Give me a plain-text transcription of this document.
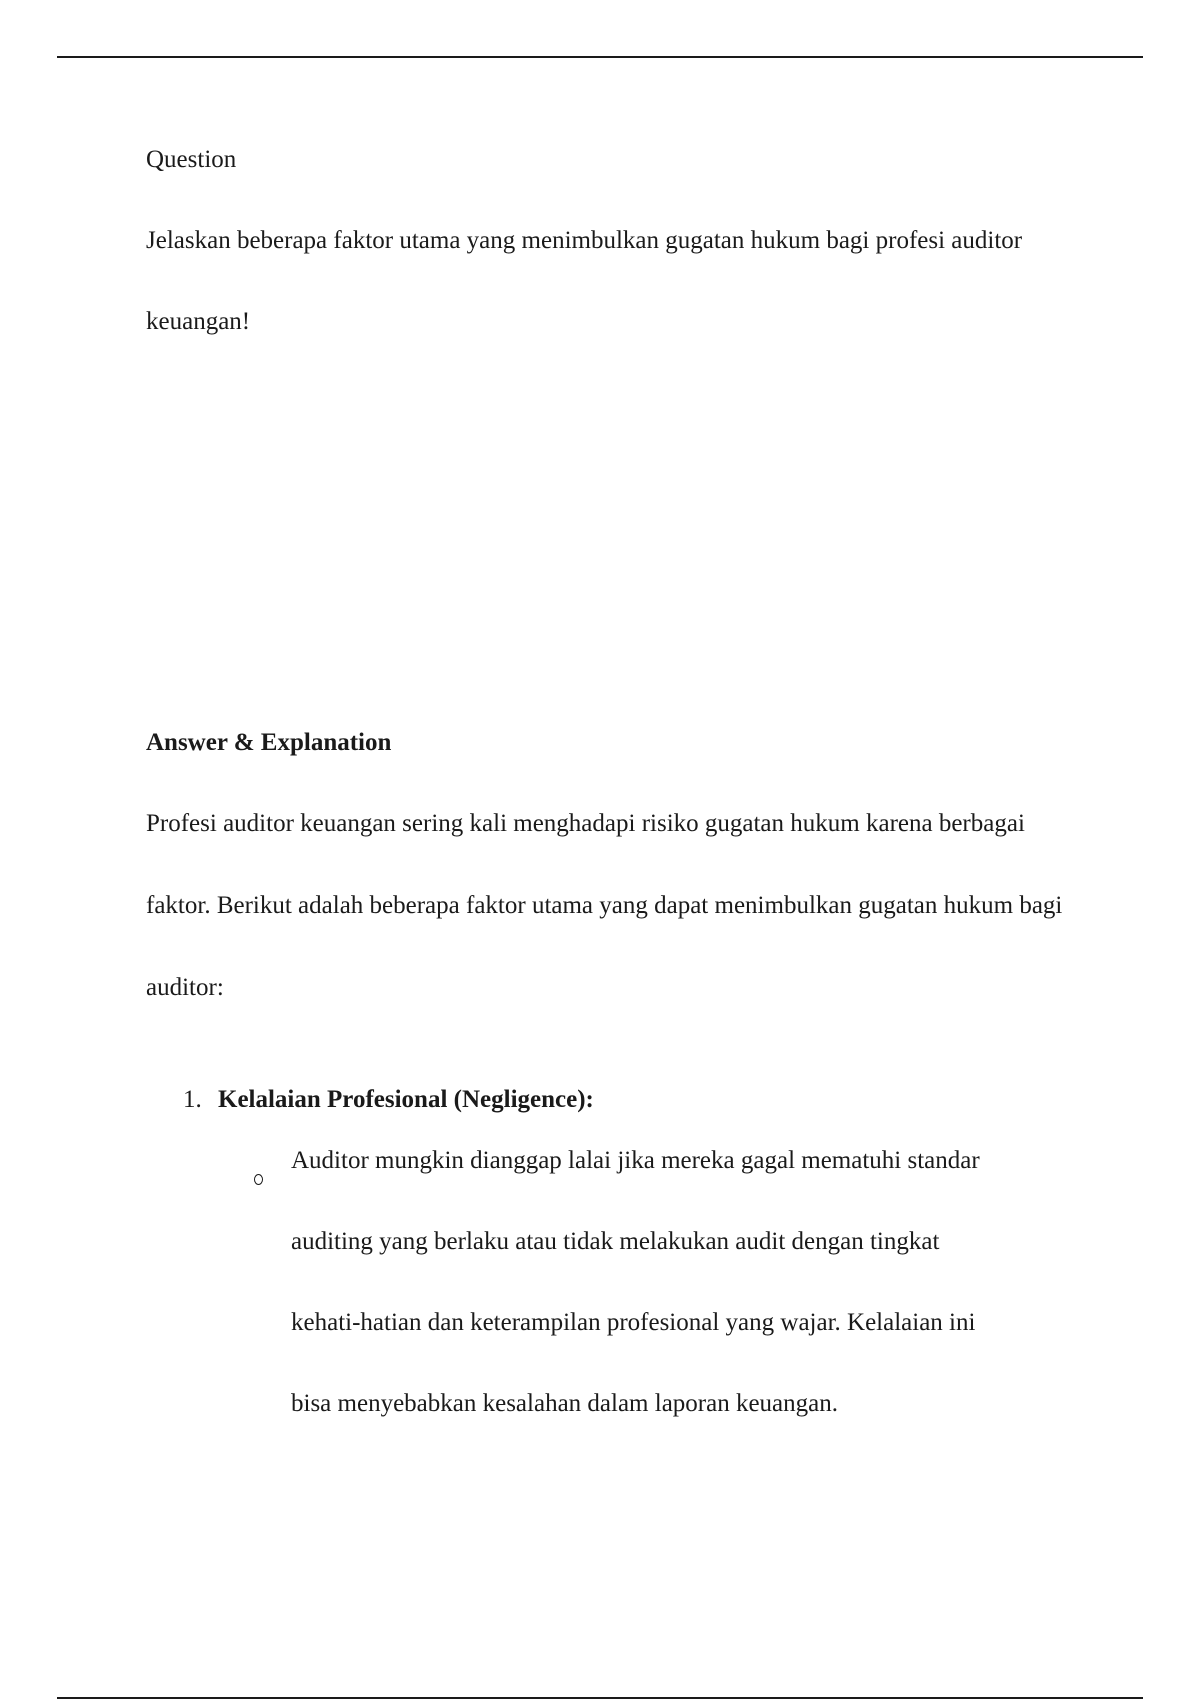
Question

Jelaskan beberapa faktor utama yang menimbulkan gugatan hukum bagi profesi auditor keuangan!

Answer & Explanation

Profesi auditor keuangan sering kali menghadapi risiko gugatan hukum karena berbagai faktor. Berikut adalah beberapa faktor utama yang dapat menimbulkan gugatan hukum bagi auditor:

1. Kelalaian Profesional (Negligence):
Auditor mungkin dianggap lalai jika mereka gagal mematuhi standar auditing yang berlaku atau tidak melakukan audit dengan tingkat kehati-hatian dan keterampilan profesional yang wajar. Kelalaian ini bisa menyebabkan kesalahan dalam laporan keuangan.
